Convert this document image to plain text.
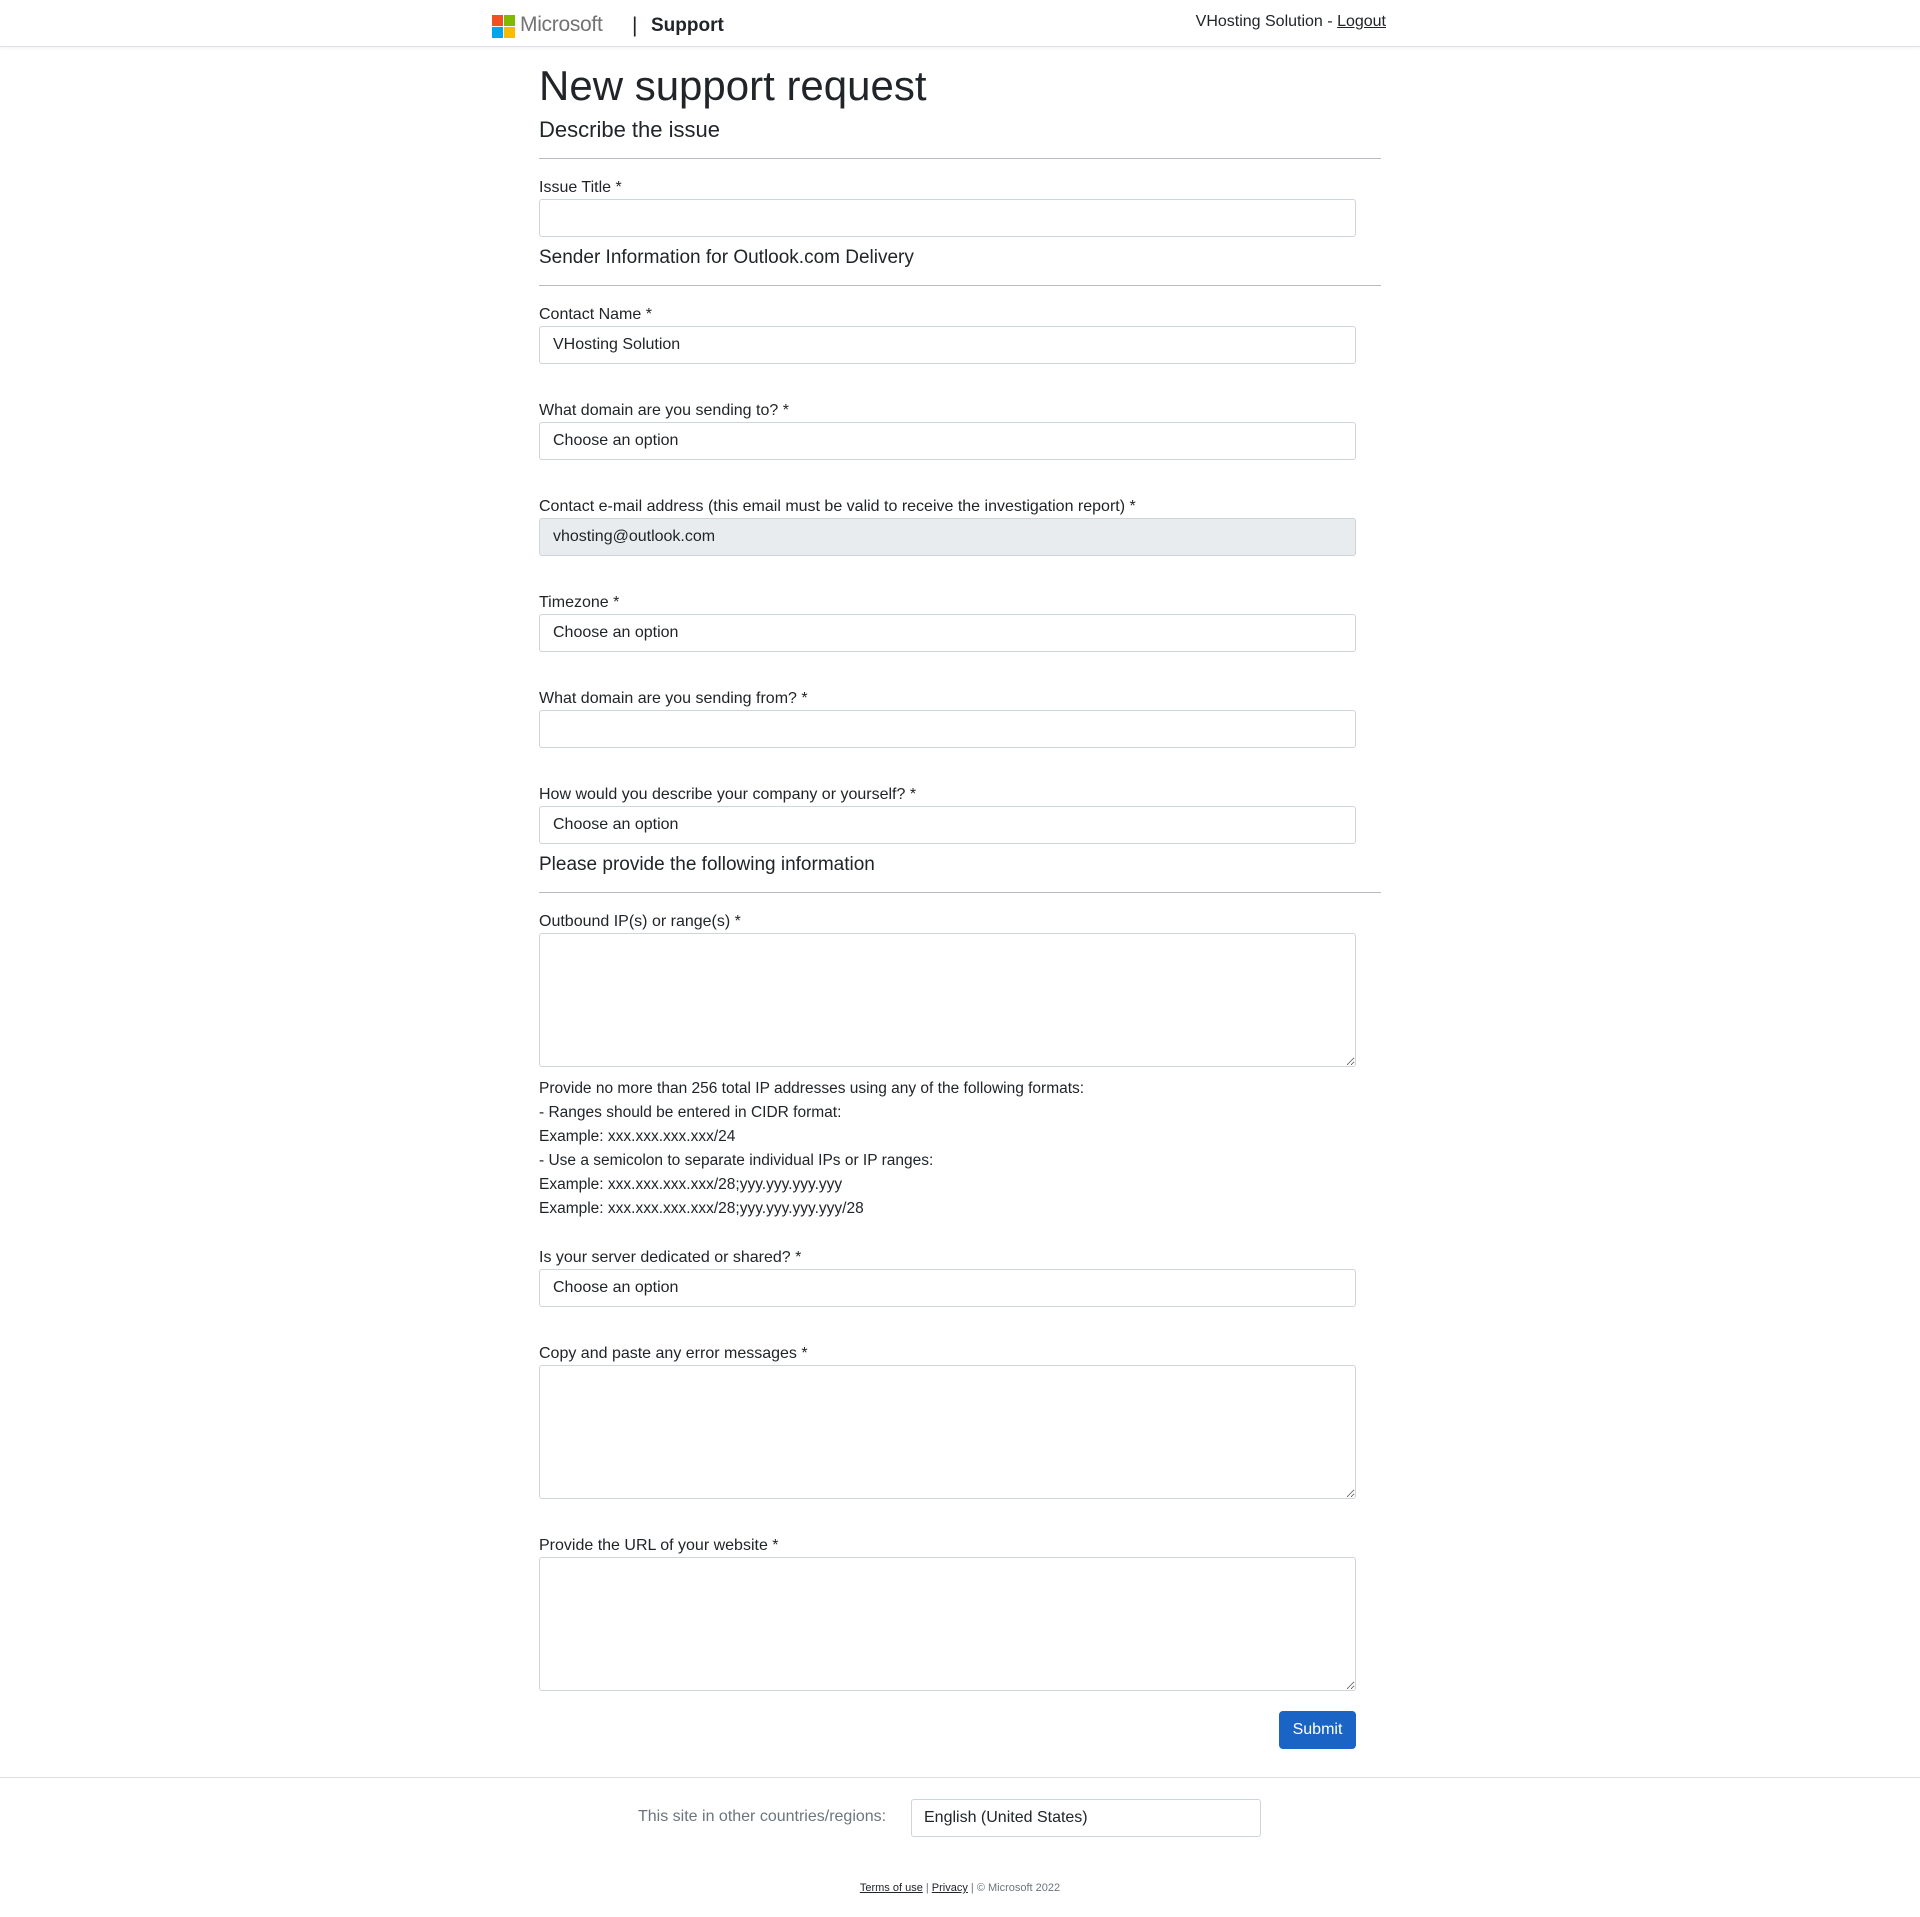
Microsoft | Support	VHosting Solution - Logout
New support request
Describe the issue
Issue Title *
Sender Information for Outlook.com Delivery
Contact Name *
VHosting Solution
What domain are you sending to? *
Choose an option
Contact e-mail address (this email must be valid to receive the investigation report) *
vhosting@outlook.com
Timezone *
Choose an option
What domain are you sending from? *
How would you describe your company or yourself? *
Choose an option
Please provide the following information
Outbound IP(s) or range(s) *
Provide no more than 256 total IP addresses using any of the following formats:
- Ranges should be entered in CIDR format:
Example: xxx.xxx.xxx.xxx/24
- Use a semicolon to separate individual IPs or IP ranges:
Example: xxx.xxx.xxx.xxx/28;yyy.yyy.yyy.yyy
Example: xxx.xxx.xxx.xxx/28;yyy.yyy.yyy.yyy/28
Is your server dedicated or shared? *
Choose an option
Copy and paste any error messages *
Provide the URL of your website *
Submit
This site in other countries/regions: English (United States)
Terms of use | Privacy | © Microsoft 2022
